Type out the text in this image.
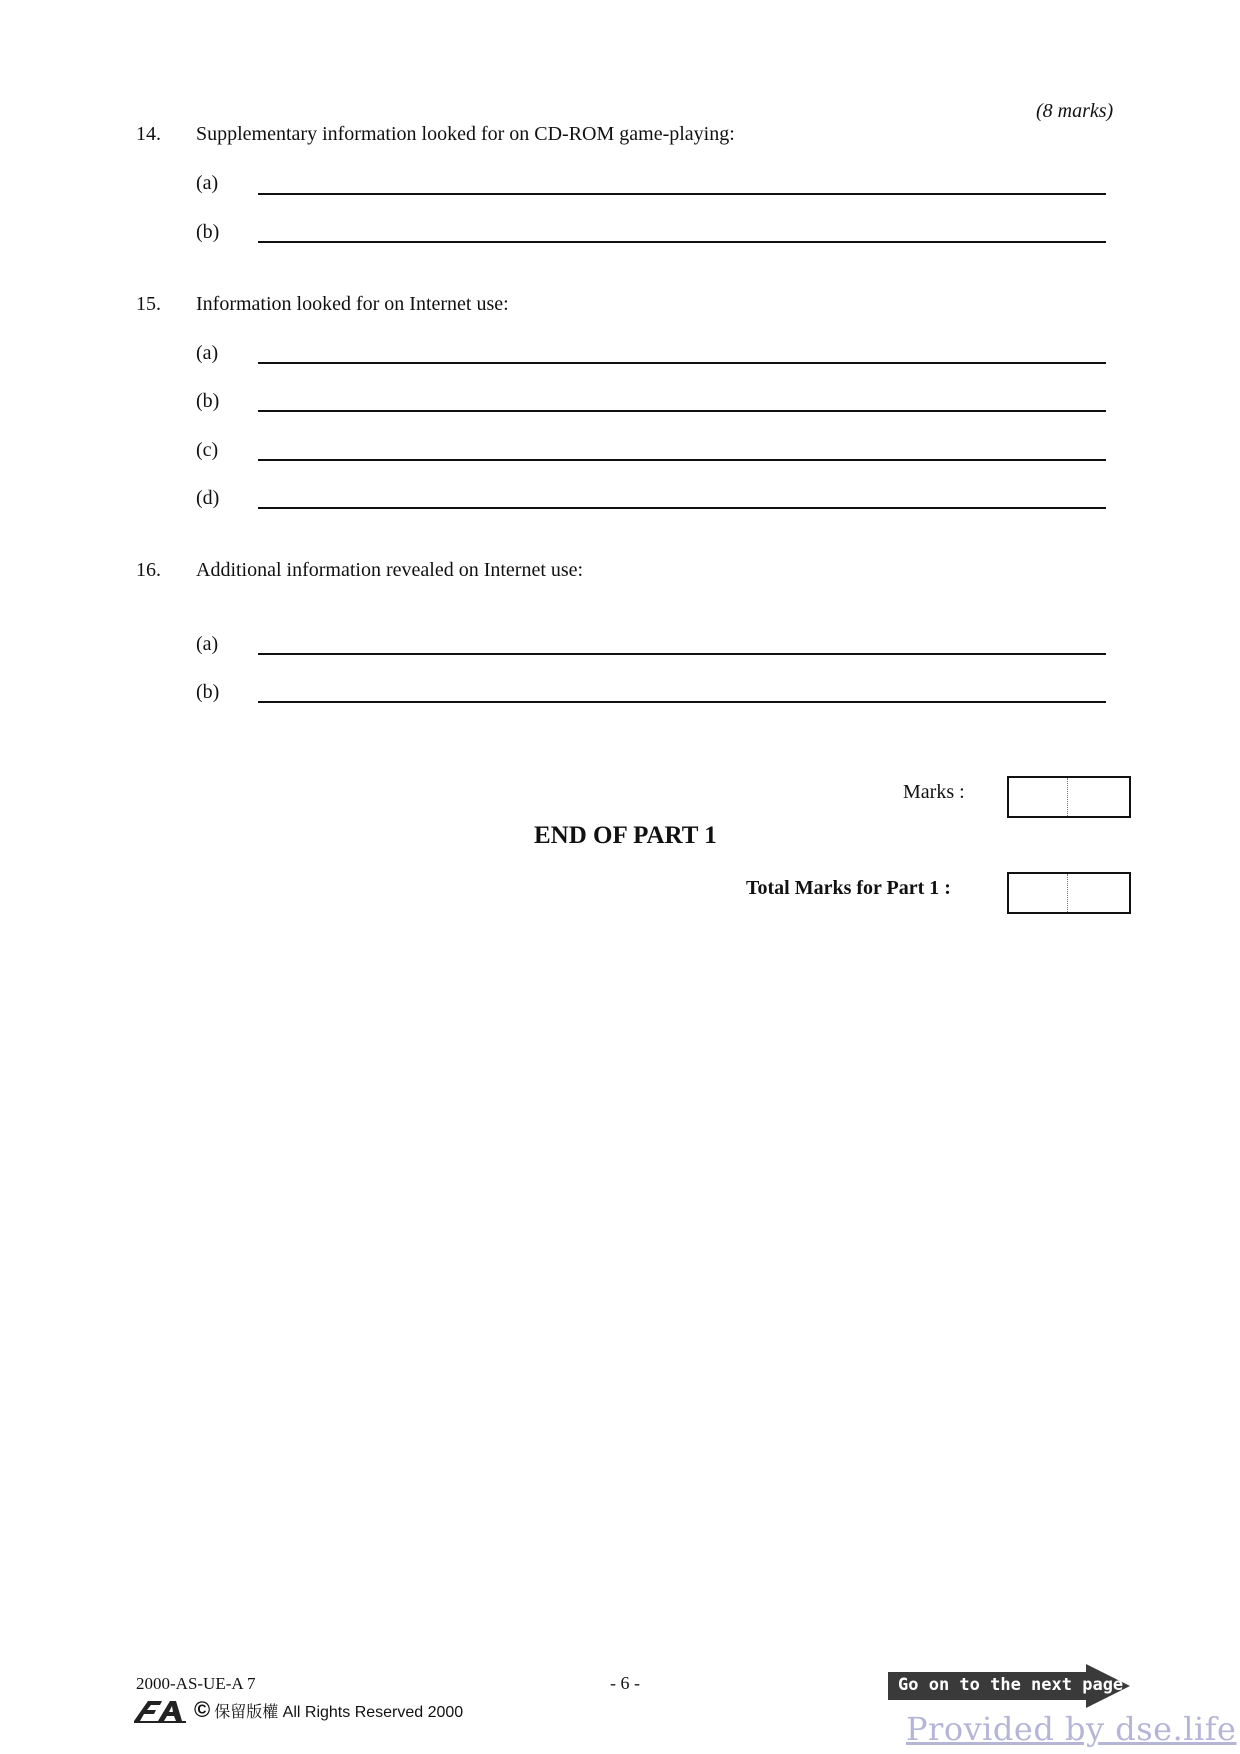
(8 marks)
14.	Supplementary information looked for on CD-ROM game-playing:
(a)
(b)
15.	Information looked for on Internet use:
(a)
(b)
(c)
(d)
16.	Additional information revealed on Internet use:
(a)
(b)
Marks :
END OF PART 1
Total Marks for Part 1 :
2000-AS-UE-A 7	- 6 -
© 保留版權 All Rights Reserved 2000
Go on to the next page
Provided by dse.life
